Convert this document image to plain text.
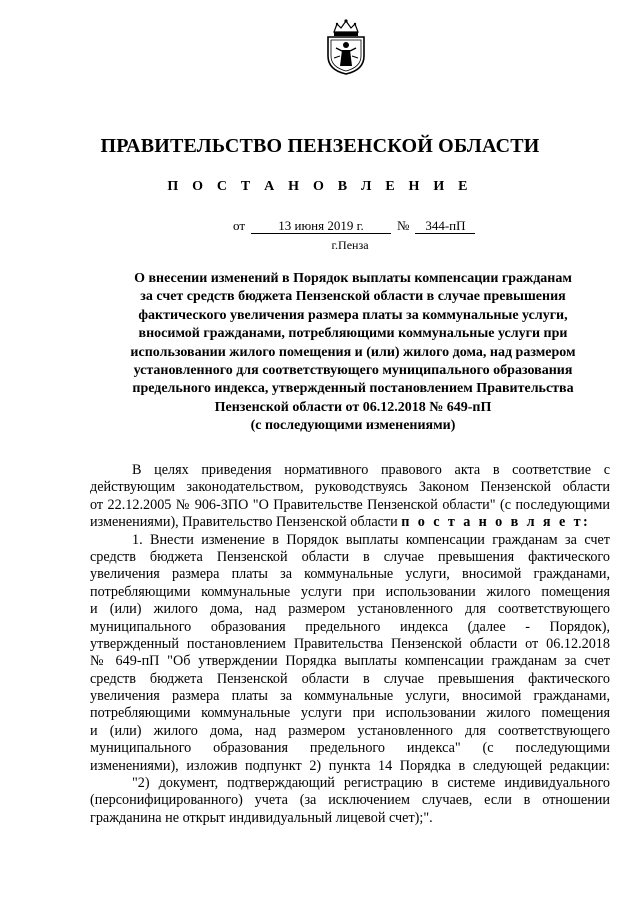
ПРАВИТЕЛЬСТВО ПЕНЗЕНСКОЙ ОБЛАСТИ
П О С Т А Н О В Л Е Н И Е
от	13 июня 2019 г.	№ 344-пП
г.Пенза
О внесении изменений в Порядок выплаты компенсации гражданам
за счет средств бюджета Пензенской области в случае превышения
фактического увеличения размера платы за коммунальные услуги,
вносимой гражданами, потребляющими коммунальные услуги при
использовании жилого помещения и (или) жилого дома, над размером
установленного для соответствующего муниципального образования
предельного индекса, утвержденный постановлением Правительства
Пензенской области от 06.12.2018 № 649-пП
(с последующими изменениями)
В целях приведения нормативного правового акта в соответствие с
действующим законодательством, руководствуясь Законом Пензенской области
от 22.12.2005 № 906-ЗПО "О Правительстве Пензенской области" (с последующими
изменениями), Правительство Пензенской области п о с т а н о в л я е т:
1. Внести изменение в Порядок выплаты компенсации гражданам за счет
средств бюджета Пензенской области в случае превышения фактического
увеличения размера платы за коммунальные услуги, вносимой гражданами,
потребляющими коммунальные услуги при использовании жилого помещения
и (или) жилого дома, над размером установленного для соответствующего
муниципального образования предельного индекса (далее - Порядок),
утвержденный постановлением Правительства Пензенской области от 06.12.2018
№ 649-пП "Об утверждении Порядка выплаты компенсации гражданам за счет
средств бюджета Пензенской области в случае превышения фактического
увеличения размера платы за коммунальные услуги, вносимой гражданами,
потребляющими коммунальные услуги при использовании жилого помещения
и (или) жилого дома, над размером установленного для соответствующего
муниципального образования предельного индекса" (с последующими
изменениями), изложив подпункт 2) пункта 14 Порядка в следующей редакции:
"2) документ, подтверждающий регистрацию в системе индивидуального
(персонифицированного) учета (за исключением случаев, если в отношении
гражданина не открыт индивидуальный лицевой счет);".
